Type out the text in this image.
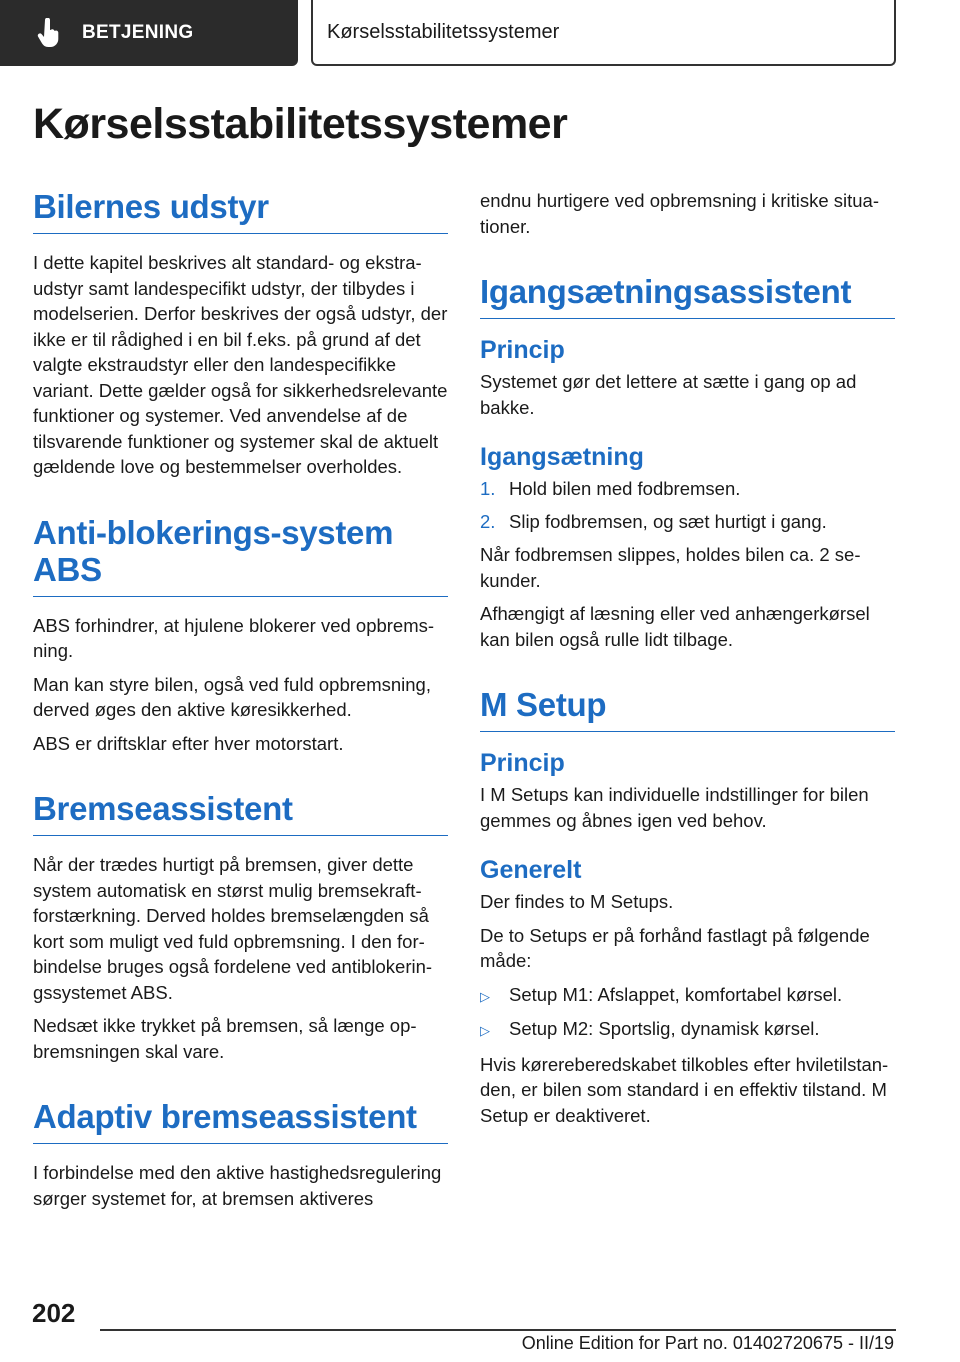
BETJENING	Kørselsstabilitetssystemer
Kørselsstabilitetssystemer
Bilernes udstyr

I dette kapitel beskrives alt standard- og ekstraudstyr samt landespecifikt udstyr, der tilbydes i modelserien. Derfor beskrives der også udstyr, der ikke er til rådighed i en bil f.eks. på grund af det valgte ekstraudstyr eller den landespecifikke variant. Dette gælder også for sikkerhedsrelevante funktioner og systemer. Ved anvendelse af de tilsvarende funktioner og systemer skal de aktuelt gældende love og bestemmelser overholdes.

Anti-blokerings-system ABS

ABS forhindrer, at hjulene blokerer ved opbremsning.

Man kan styre bilen, også ved fuld opbremsning, derved øges den aktive køresikkerhed.

ABS er driftsklar efter hver motorstart.

Bremseassistent

Når der trædes hurtigt på bremsen, giver dette system automatisk en størst mulig bremsekraftforstærkning. Derved holdes bremselængden så kort som muligt ved fuld opbremsning. I den forbindelse bruges også fordelene ved antiblokeringssystemet ABS.

Nedsæt ikke trykket på bremsen, så længe opbremsningen skal vare.

Adaptiv bremseassistent

I forbindelse med den aktive hastighedsregulering sørger systemet for, at bremsen aktiveres

endnu hurtigere ved opbremsning i kritiske situationer.

Igangsætningsassistent
Princip

Systemet gør det lettere at sætte i gang op ad bakke.

Igangsætning
1. Hold bilen med fodbremsen.
2. Slip fodbremsen, og sæt hurtigt i gang.

Når fodbremsen slippes, holdes bilen ca. 2 sekunder.

Afhængigt af læsning eller ved anhængerkørsel kan bilen også rulle lidt tilbage.

M Setup
Princip

I M Setups kan individuelle indstillinger for bilen gemmes og åbnes igen ved behov.

Generelt

Der findes to M Setups.

De to Setups er på forhånd fastlagt på følgende måde:

▷	Setup M1: Afslappet, komfortabel kørsel.
▷	Setup M2: Sportslig, dynamisk kørsel.

Hvis kørereberedskabet tilkobles efter hviletilstanden, er bilen som standard i en effektiv tilstand. M Setup er deaktiveret.

202
Online Edition for Part no. 01402720675 - II/19
